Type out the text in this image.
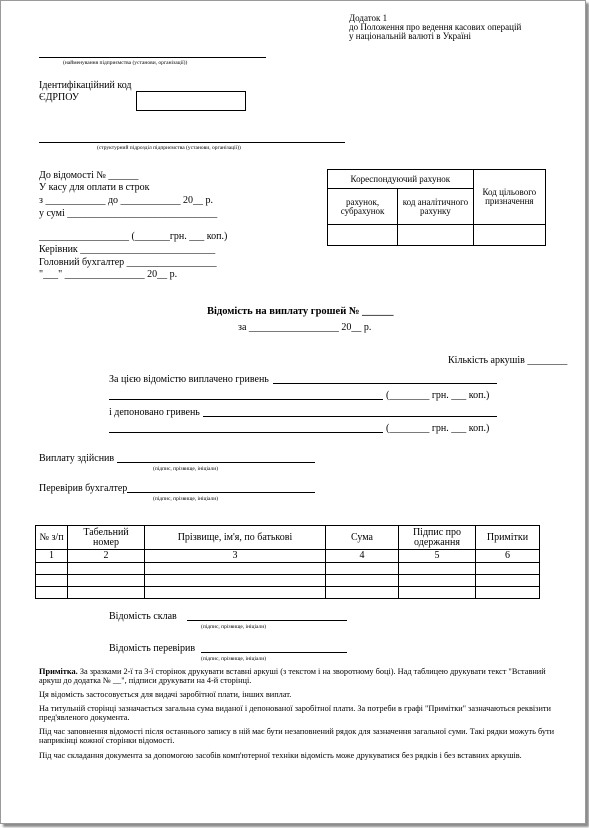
Додаток 1
до Положення про ведення касових операцій
у національній валюті в Україні
(найменування підприємства (установи, організації))
Ідентифікаційний код
ЄДРПОУ
(структурний підрозділ підприємства (установи, організації))
До відомості № ______
У касу для оплати в строк
з ____________ до ____________ 20__ р.
у сумі ______________________________
__________________ (_______грн. ___ коп.)
Керівник ___________________________
Головний бухгалтер __________________
"___" ________________ 20__ р.
Кореспондуючий рахунок		Код цільового призначення
рахунок, субрахунок	код аналітичного рахунку	

Відомість на виплату грошей № ______
за __________________ 20__ р.
Кількість аркушів ________
За цією відомістю виплачено гривень
(________ грн. ___ коп.)
і депоновано гривень
(________ грн. ___ коп.)
Виплату здійснив
(підпис, прізвище, ініціали)
Перевірив бухгалтер
(підпис, прізвище, ініціали)
№ з/п	Табельний номер	Прізвище, ім'я, по батькові	Сума	Підпис про одержання	Примітки
1	2	3	4	5	6

Відомість склав
(підпис, прізвище, ініціали)
Відомість перевірив
(підпис, прізвище, ініціали)
Примітка. За зразками 2-ї та 3-ї сторінок друкувати вставні аркуші (з текстом і на зворотному боці). Над таблицею друкувати текст "Вставний аркуш до додатка № __", підписи друкувати на 4-й сторінці.
Ця відомість застосовується для видачі заробітної плати, інших виплат.
На титульній сторінці зазначається загальна сума виданої і депонованої заробітної плати. За потреби в графі "Примітки" зазначаються реквізити пред'явленого документа.
Під час заповнення відомості після останнього запису в ній має бути незаповнений рядок для зазначення загальної суми. Такі рядки можуть бути наприкінці кожної сторінки відомості.
Під час складання документа за допомогою засобів комп'ютерної техніки відомість може друкуватися без рядків і без вставних аркушів.
